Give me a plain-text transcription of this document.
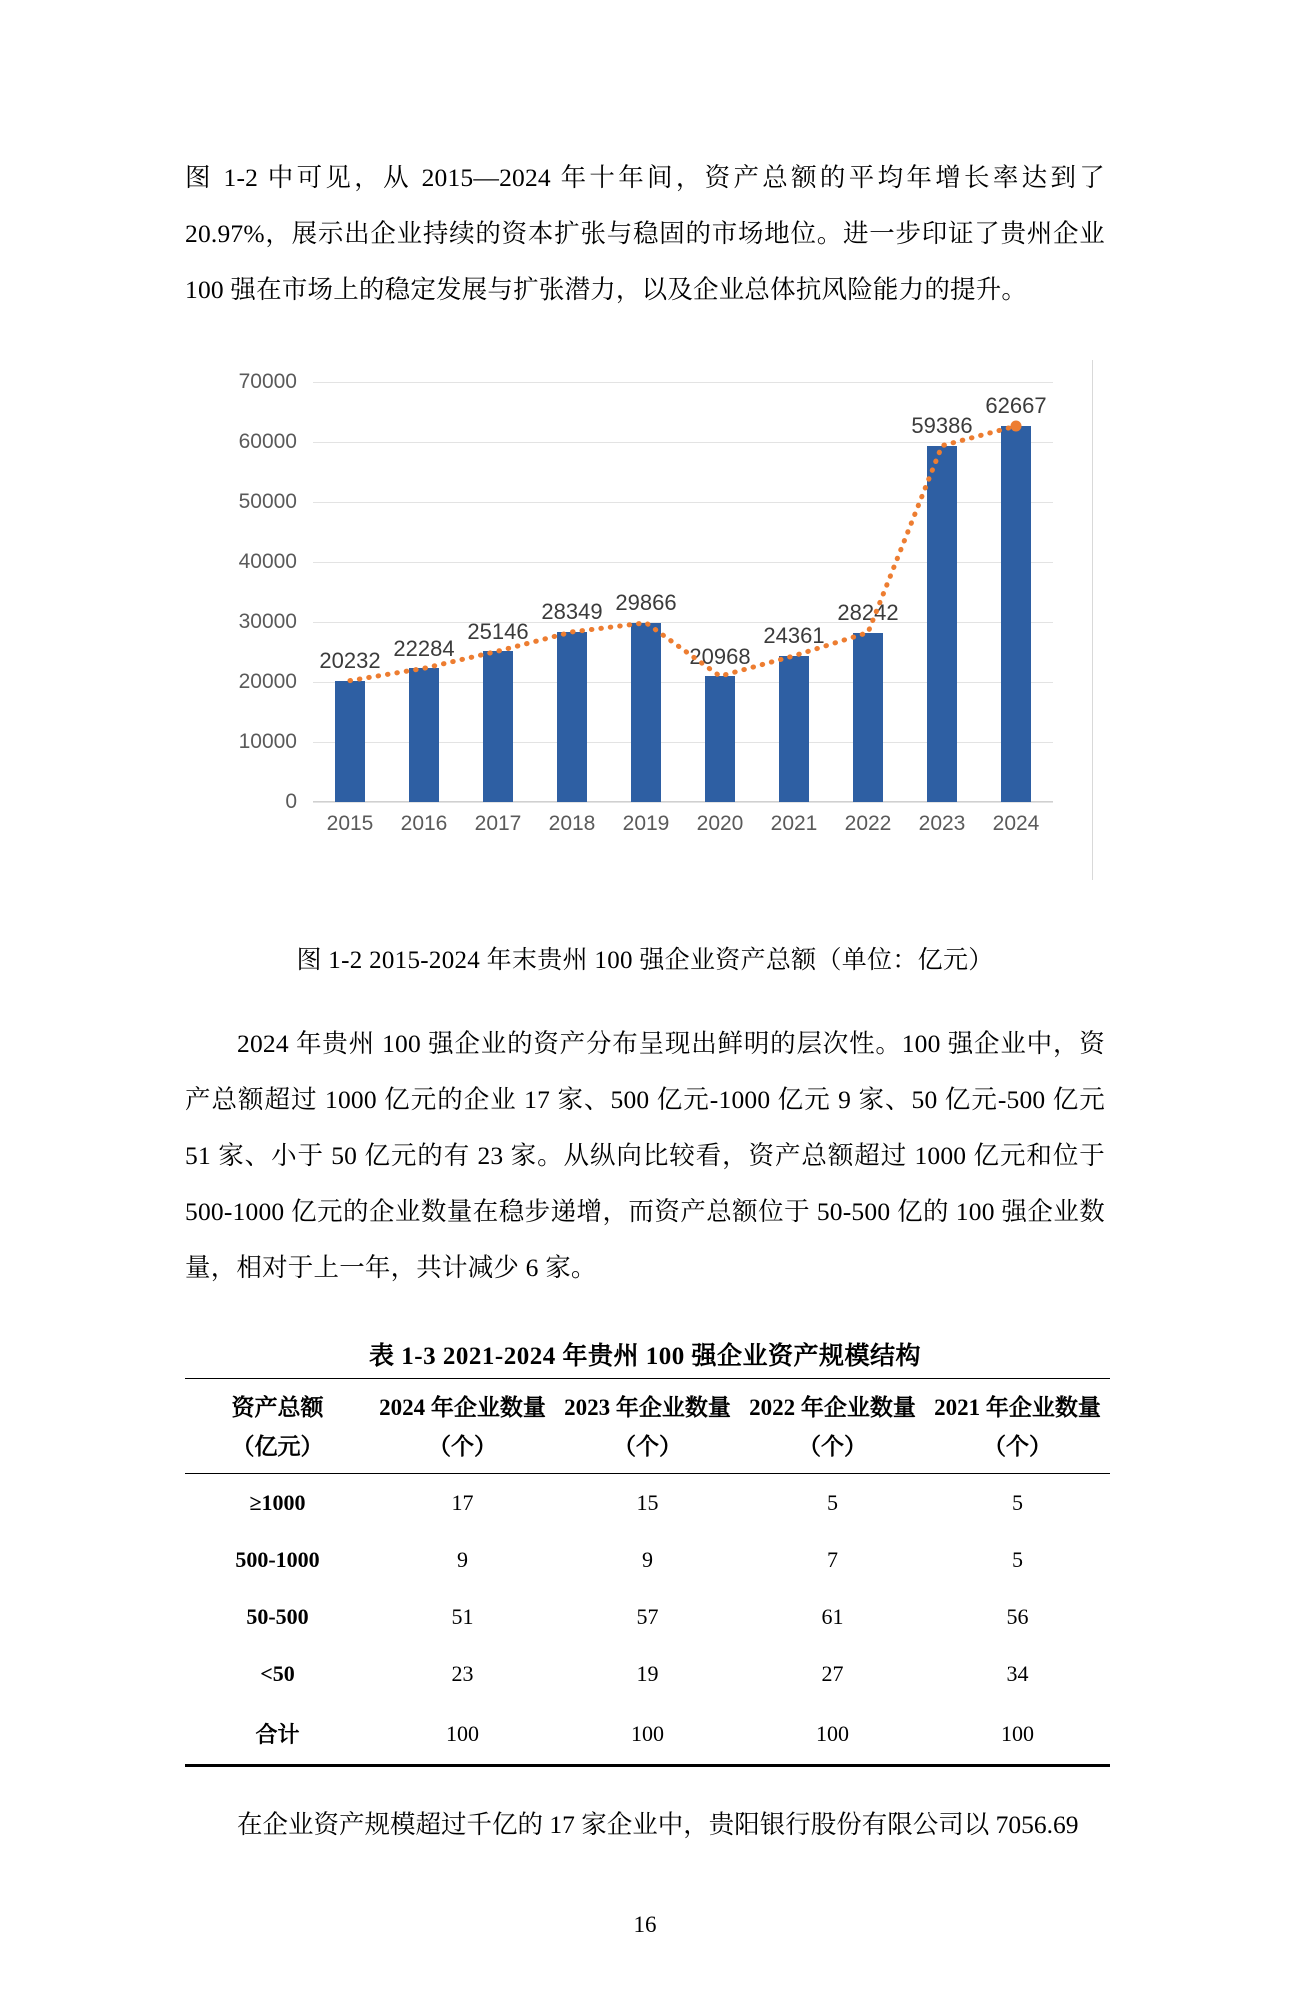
图 1-2 中可见，从 2015—2024 年十年间，资产总额的平均年增长率达到了 20.97%，展示出企业持续的资本扩张与稳固的市场地位。进一步印证了贵州企业 100 强在市场上的稳定发展与扩张潜力，以及企业总体抗风险能力的提升。

70000
60000
50000
40000
30000
20000
10000
0
20232
2015
22284
2016
25146
2017
28349
2018
29866
2019
20968
2020
24361
2021
28242
2022
59386
2023
62667
2024
图 1-2 2015-2024 年末贵州 100 强企业资产总额（单位：亿元）

2024 年贵州 100 强企业的资产分布呈现出鲜明的层次性。100 强企业中，资产总额超过 1000 亿元的企业 17 家、500 亿元-1000 亿元 9 家、50 亿元-500 亿元 51 家、小于 50 亿元的有 23 家。从纵向比较看，资产总额超过 1000 亿元和位于 500-1000 亿元的企业数量在稳步递增，而资产总额位于 50-500 亿的 100 强企业数量，相对于上一年，共计减少 6 家。

表 1-3 2021-2024 年贵州 100 强企业资产规模结构
资产总额	2024 年企业数量	2023 年企业数量	2022 年企业数量	2021 年企业数量
（亿元）	（个）	（个）	（个）	（个）
≥1000	17	15	5	5
500-1000	9	9	7	5
50-500	51	57	61	56
<50	23	19	27	34
合计	100	100	100	100

在企业资产规模超过千亿的 17 家企业中，贵阳银行股份有限公司以 7056.69

16
